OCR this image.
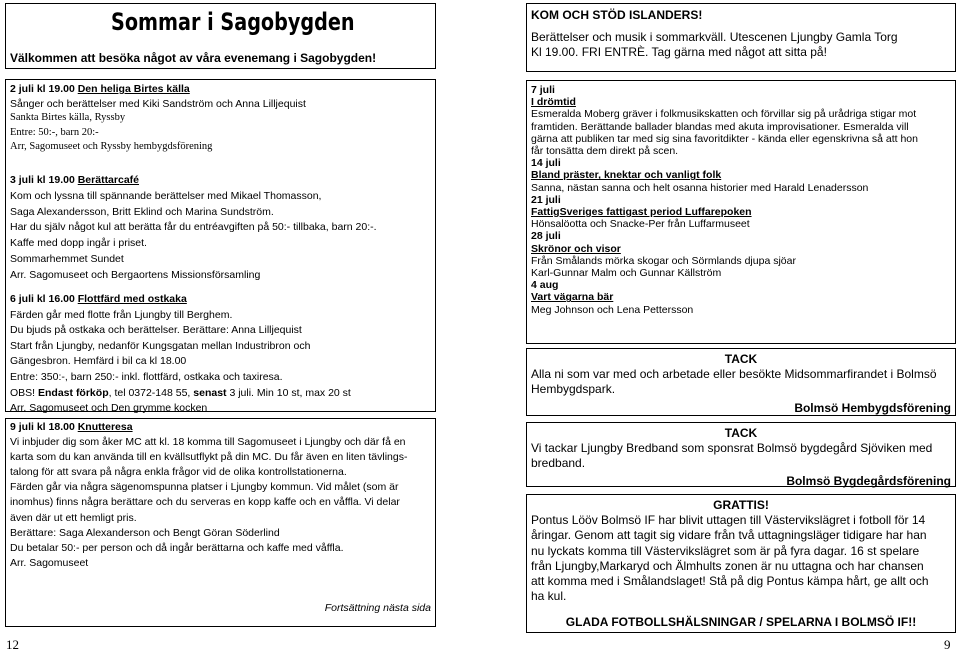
Sommar i Sagobygden
Välkommen att besöka något av våra evenemang i Sagobygden!
2 juli kl 19.00 Den heliga Birtes källa
Sånger och berättelser med Kiki Sandström och Anna Lilljequist
Sankta Birtes källa, Ryssby
Entre: 50:-, barn 20:-
Arr, Sagomuseet och Ryssby hembygdsförening
3 juli kl 19.00 Berättarcafé
Kom och lyssna till spännande berättelser med Mikael Thomasson,
Saga Alexandersson, Britt Eklind och Marina Sundström.
Har du själv något kul att berätta får du entréavgiften på 50:- tillbaka, barn 20:-.
Kaffe med dopp ingår i priset.
Sommarhemmet Sundet
Arr. Sagomuseet och Bergaortens Missionsförsamling
6 juli kl 16.00 Flottfärd med ostkaka
Färden går med flotte från Ljungby till Berghem.
Du bjuds på ostkaka och berättelser. Berättare: Anna Lilljequist
Start från Ljungby, nedanför Kungsgatan mellan Industribron och
Gängesbron. Hemfärd i bil ca kl 18.00
Entre: 350:-, barn 250:- inkl. flottfärd, ostkaka och taxiresa.
OBS! Endast förköp, tel 0372-148 55, senast 3 juli. Min 10 st, max 20 st
Arr. Sagomuseet och Den grymme kocken
9 juli kl 18.00 Knutteresa
Vi inbjuder dig som åker MC att kl. 18 komma till Sagomuseet i Ljungby och där få en
karta som du kan använda till en kvällsutflykt på din MC. Du får även en liten tävlings-
talong för att svara på några enkla frågor vid de olika kontrollstationerna.
Färden går via några sägenomspunna platser i Ljungby kommun. Vid målet (som är
inomhus) finns några berättare och du serveras en kopp kaffe och en våffla. Vi delar
även där ut ett hemligt pris.
Berättare: Saga Alexanderson och Bengt Göran Söderlind
Du betalar 50:- per person och då ingår berättarna och kaffe med våffla.
Arr. Sagomuseet
Fortsättning nästa sida
12
KOM OCH STÖD ISLANDERS!
Berättelser och musik i sommarkväll. Utescenen Ljungby Gamla Torg
Kl 19.00. FRI ENTRÈ. Tag gärna med något att sitta på!
7 juli
I drömtid
Esmeralda Moberg gräver i folkmusikskatten och förvillar sig på urådriga stigar mot
framtiden. Berättande ballader blandas med akuta improvisationer. Esmeralda vill
gärna att publiken tar med sig sina favoritdikter - kända eller egenskrivna så att hon
får tonsätta dem direkt på scen.
14 juli
Bland präster, knektar och vanligt folk
Sanna, nästan sanna och helt osanna historier med Harald Lenadersson
21 juli
FattigSveriges fattigast period Luffarepoken
Hönsalöotta och Snacke-Per från Luffarmuseet
28 juli
Skrönor och visor
Från Smålands mörka skogar och Sörmlands djupa sjöar
Karl-Gunnar Malm och Gunnar Källström
4 aug
Vart vägarna bär
Meg Johnson och Lena Pettersson
TACK
Alla ni som var med och arbetade eller besökte Midsommarfirandet i Bolmsö
Hembygdspark.
Bolmsö Hembygdsförening
TACK
Vi tackar Ljungby Bredband som sponsrat Bolmsö bygdegård Sjöviken med
bredband.
Bolmsö Bygdegårdsförening
GRATTIS!
Pontus Lööv Bolmsö IF har blivit uttagen till Västervikslägret i fotboll för 14
åringar. Genom att tagit sig vidare från två uttagningsläger tidigare har han
nu lyckats komma till Västervikslägret som är på fyra dagar. 16 st spelare
från Ljungby,Markaryd och Älmhults zonen är nu uttagna och har chansen
att komma med i Smålandslaget! Stå på dig Pontus kämpa hårt, ge allt och
ha kul.
GLADA FOTBOLLSHÄLSNINGAR / SPELARNA I BOLMSÖ IF!!
9
